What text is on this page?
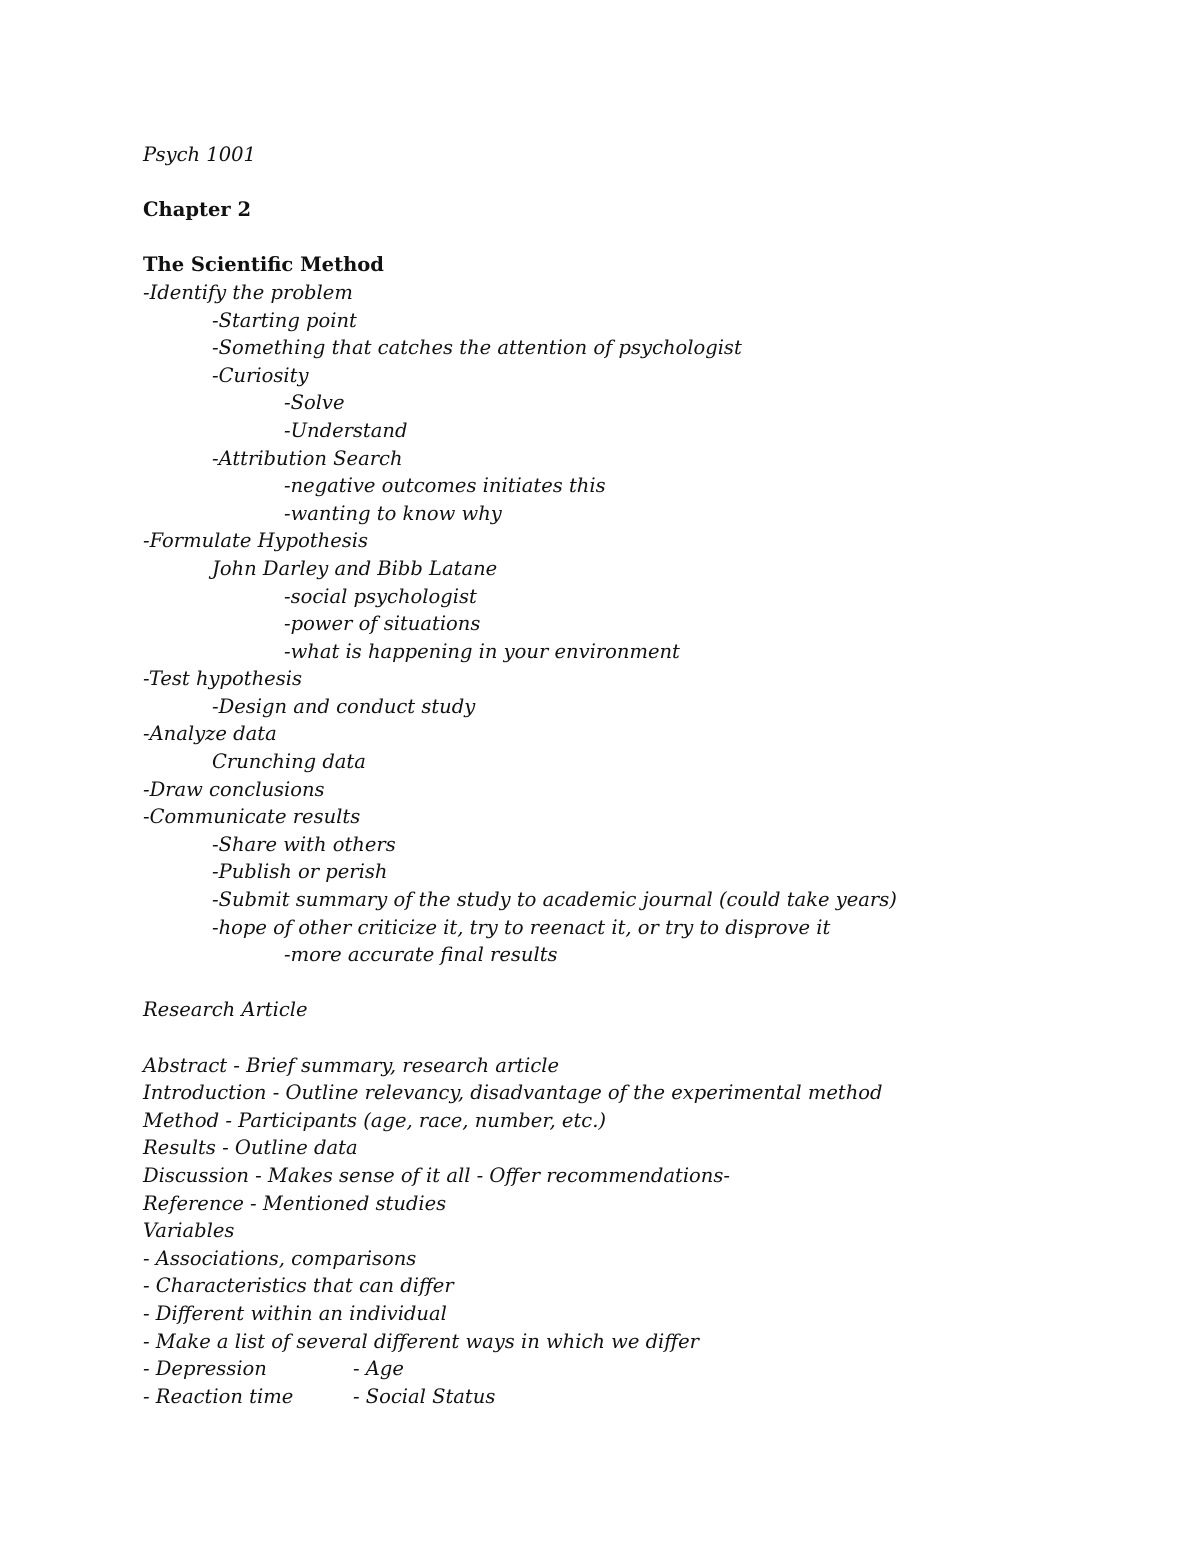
Psych 1001
Chapter 2
The Scientific Method
-Identify the problem
-Starting point
-Something that catches the attention of psychologist
-Curiosity
-Solve
-Understand
-Attribution Search
-negative outcomes initiates this
-wanting to know why
-Formulate Hypothesis
John Darley and Bibb Latane
-social psychologist
-power of situations
-what is happening in your environment
-Test hypothesis
-Design and conduct study
-Analyze data
Crunching data
-Draw conclusions
-Communicate results
-Share with others
-Publish or perish
-Submit summary of the study to academic journal (could take years)
-hope of other criticize it, try to reenact it, or try to disprove it
-more accurate final results
Research Article
Abstract - Brief summary, research article
Introduction - Outline relevancy, disadvantage of the experimental method
Method - Participants (age, race, number, etc.)
Results - Outline data
Discussion - Makes sense of it all - Offer recommendations-
Reference - Mentioned studies
Variables
- Associations, comparisons
- Characteristics that can differ
- Different within an individual
- Make a list of several different ways in which we differ
- Depression	- Age
- Reaction time	- Social Status
